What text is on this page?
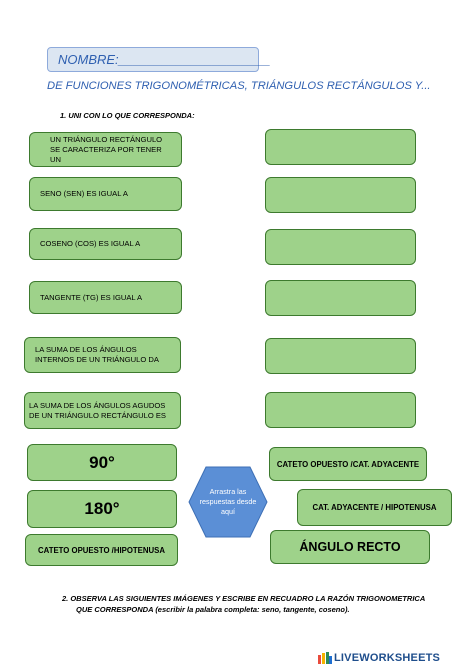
NOMBRE:_____________________
DE FUNCIONES TRIGONOMÉTRICAS, TRIÁNGULOS RECTÁNGULOS Y...
1. UNI CON LO QUE CORRESPONDA:
UN TRIÁNGULO RECTÁNGULO SE CARACTERIZA POR TENER UN
SENO (SEN) ES IGUAL A
COSENO (COS) ES IGUAL A
TANGENTE (TG) ES IGUAL A
LA SUMA DE LOS ÁNGULOS INTERNOS DE UN TRIÁNGULO DA
LA SUMA DE LOS ÁNGULOS AGUDOS DE UN TRIÁNGULO RECTÁNGULO ES
90°
180°
CATETO OPUESTO /HIPOTENUSA
CATETO OPUESTO /CAT. ADYACENTE
CAT. ADYACENTE / HIPOTENUSA
ÁNGULO RECTO
Arrastra las respuestas desde aquí
2. OBSERVA LAS SIGUIENTES IMÁGENES Y ESCRIBE EN RECUADRO LA RAZÓN TRIGONOMETRICA
QUE CORRESPONDA (escribir la palabra completa: seno, tangente, coseno).
LIVEWORKSHEETS
